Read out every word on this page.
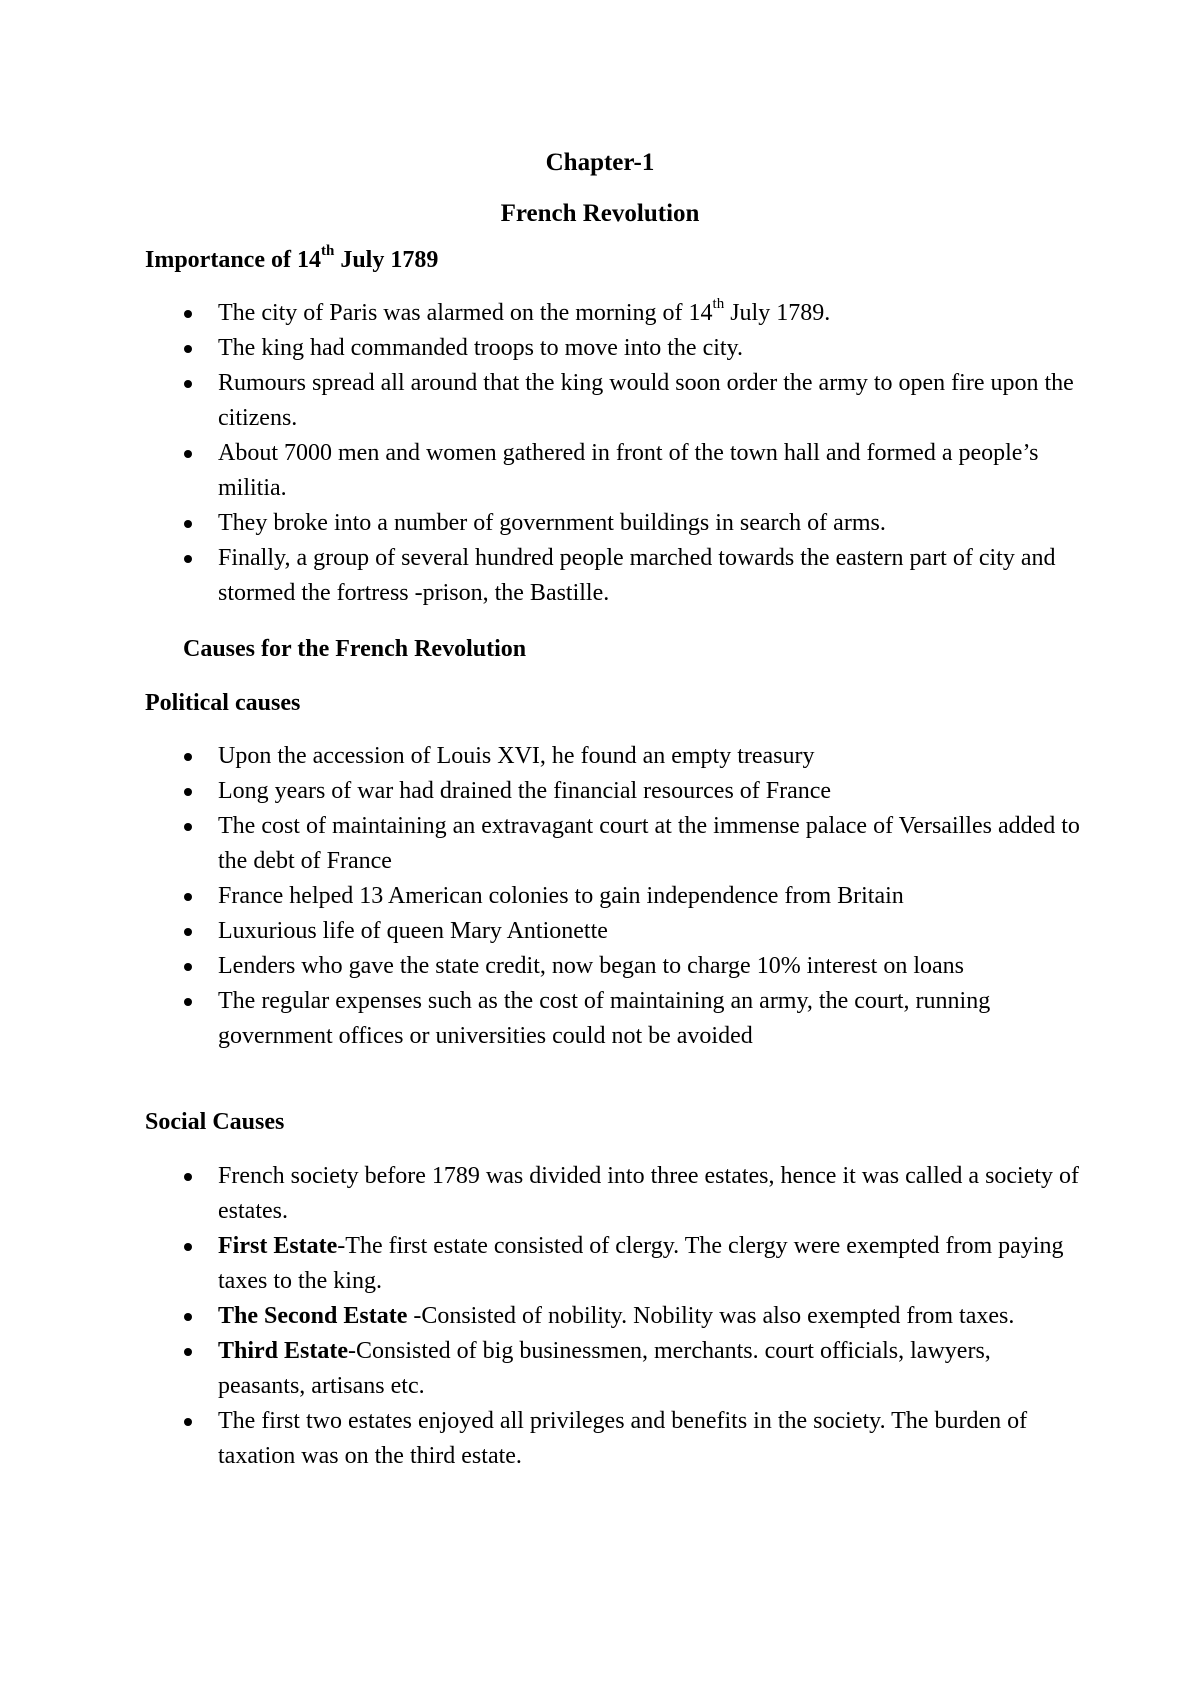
Chapter-1
French Revolution
Importance of 14th July 1789
The city of Paris was alarmed on the morning of 14th July 1789.
The king had commanded troops to move into the city.
Rumours spread all around that the king would soon order the army to open fire upon the citizens.
About 7000 men and women gathered in front of the town hall and formed a people’s militia.
They broke into a number of government buildings in search of arms.
Finally, a group of several hundred people marched towards the eastern part of city and stormed the fortress -prison, the Bastille.
Causes for the French Revolution
Political causes
Upon the accession of Louis XVI, he found an empty treasury
Long years of war had drained the financial resources of France
The cost of maintaining an extravagant court at the immense palace of Versailles added to the debt of France
France helped 13 American colonies to gain independence from Britain
Luxurious life of queen Mary Antionette
Lenders who gave the state credit, now began to charge 10% interest on loans
The regular expenses such as the cost of maintaining an army, the court, running government offices or universities could not be avoided
Social Causes
French society before 1789 was divided into three estates, hence it was called a society of estates.
First Estate-The first estate consisted of clergy. The clergy were exempted from paying taxes to the king.
The Second Estate -Consisted of nobility. Nobility was also exempted from taxes.
Third Estate-Consisted of big businessmen, merchants. court officials, lawyers, peasants, artisans etc.
The first two estates enjoyed all privileges and benefits in the society. The burden of taxation was on the third estate.
